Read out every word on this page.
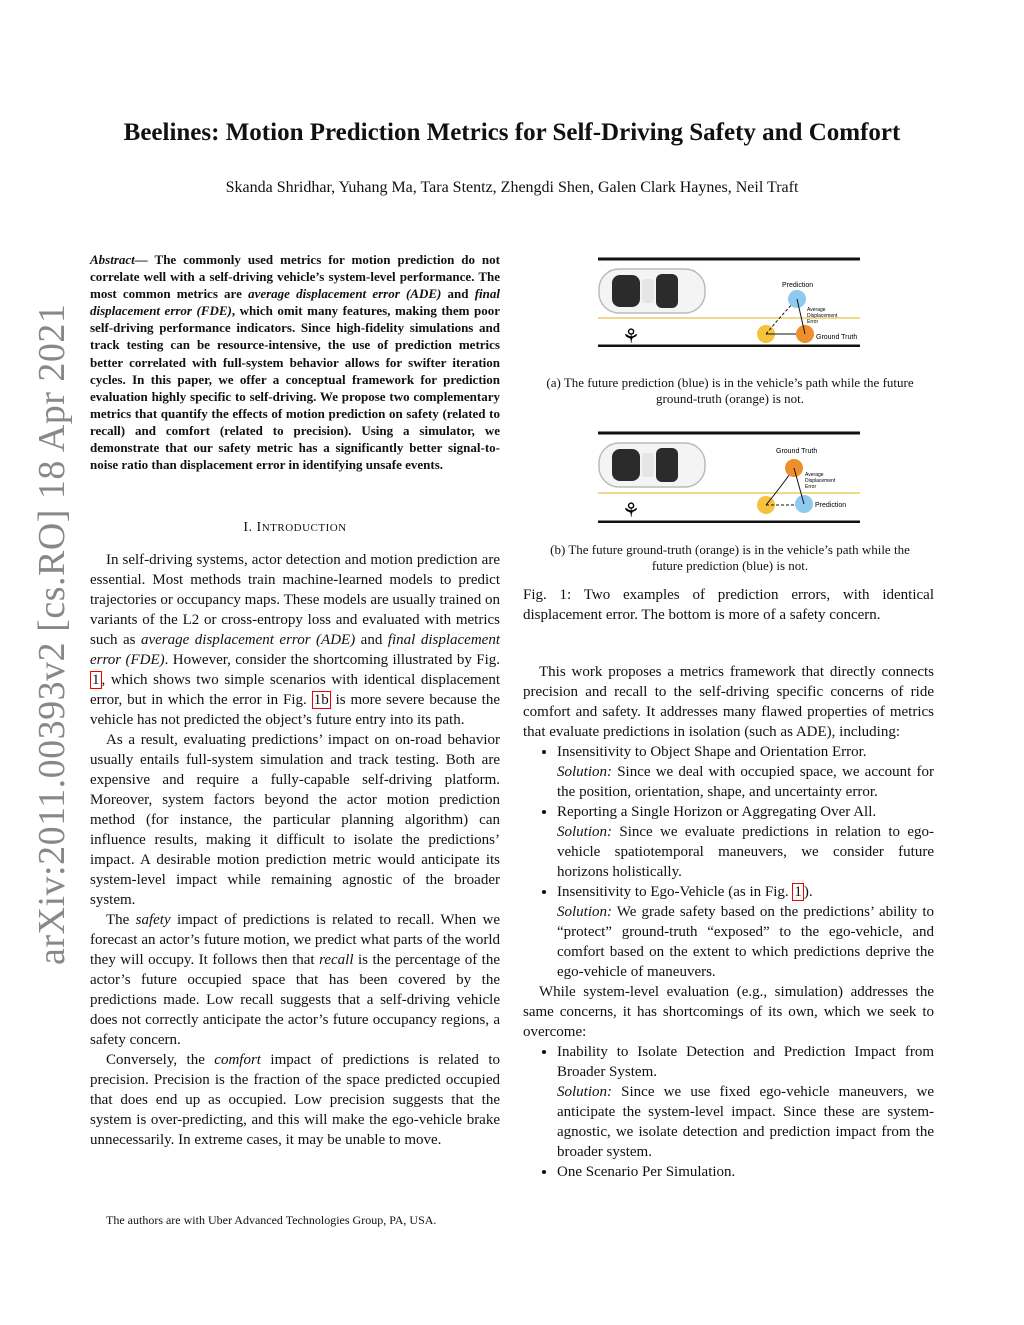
Beelines: Motion Prediction Metrics for Self-Driving Safety and Comfort
Skanda Shridhar, Yuhang Ma, Tara Stentz, Zhengdi Shen, Galen Clark Haynes, Neil Traft
arXiv:2011.00393v2 [cs.RO] 18 Apr 2021
Abstract— The commonly used metrics for motion prediction do not correlate well with a self-driving vehicle’s system-level performance. The most common metrics are average displacement error (ADE) and final displacement error (FDE), which omit many features, making them poor self-driving performance indicators. Since high-fidelity simulations and track testing can be resource-intensive, the use of prediction metrics better correlated with full-system behavior allows for swifter iteration cycles. In this paper, we offer a conceptual framework for prediction evaluation highly specific to self-driving. We propose two complementary metrics that quantify the effects of motion prediction on safety (related to recall) and comfort (related to precision). Using a simulator, we demonstrate that our safety metric has a significantly better signal-to-noise ratio than displacement error in identifying unsafe events.
I. INTRODUCTION

In self-driving systems, actor detection and motion prediction are essential. Most methods train machine-learned models to predict trajectories or occupancy maps. These models are usually trained on variants of the L2 or cross-entropy loss and evaluated with metrics such as average displacement error (ADE) and final displacement error (FDE). However, consider the shortcoming illustrated by Fig. 1 , which shows two simple scenarios with identical displacement error, but in which the error in Fig. 1b is more severe because the vehicle has not predicted the object’s future entry into its path.

As a result, evaluating predictions’ impact on on-road behavior usually entails full-system simulation and track testing. Both are expensive and require a fully-capable self-driving platform. Moreover, system factors beyond the actor motion prediction method (for instance, the particular planning algorithm) can influence results, making it difficult to isolate the predictions’ impact. A desirable motion prediction metric would anticipate its system-level impact while remaining agnostic of the broader system.

The safety impact of predictions is related to recall. When we forecast an actor’s future motion, we predict what parts of the world they will occupy. It follows then that recall is the percentage of the actor’s future occupied space that has been covered by the predictions made. Low recall suggests that a self-driving vehicle does not correctly anticipate the actor’s future occupancy regions, a safety concern.

Conversely, the comfort impact of predictions is related to precision. Precision is the fraction of the space predicted occupied that does end up as occupied. Low precision suggests that the system is over-predicting, and this will make the ego-vehicle brake unnecessarily. In extreme cases, it may be unable to move.

The authors are with Uber Advanced Technologies Group, PA, USA.
⚘
Prediction
Average
Displacement
Error
Ground Truth
(a) The future prediction (blue) is in the vehicle’s path while the future ground-truth (orange) is not.
⚘
Ground Truth
Average
Displacement
Error
Prediction
(b) The future ground-truth (orange) is in the vehicle’s path while the future prediction (blue) is not.
Fig. 1: Two examples of prediction errors, with identical displacement error. The bottom is more of a safety concern.

This work proposes a metrics framework that directly connects precision and recall to the self-driving specific concerns of ride comfort and safety. It addresses many flawed properties of metrics that evaluate predictions in isolation (such as ADE), including:

• Insensitivity to Object Shape and Orientation Error.
Solution: Since we deal with occupied space, we account for the position, orientation, shape, and uncertainty error.
• Reporting a Single Horizon or Aggregating Over All.
Solution: Since we evaluate predictions in relation to ego-vehicle spatiotemporal maneuvers, we consider future horizons holistically.
• Insensitivity to Ego-Vehicle (as in Fig. 1 ).
Solution: We grade safety based on the predictions’ ability to “protect” ground-truth “exposed” to the ego-vehicle, and comfort based on the extent to which predictions deprive the ego-vehicle of maneuvers.

While system-level evaluation (e.g., simulation) addresses the same concerns, it has shortcomings of its own, which we seek to overcome:

• Inability to Isolate Detection and Prediction Impact from Broader System.
Solution: Since we use fixed ego-vehicle maneuvers, we anticipate the system-level impact. Since these are system-agnostic, we isolate detection and prediction impact from the broader system.
• One Scenario Per Simulation.
